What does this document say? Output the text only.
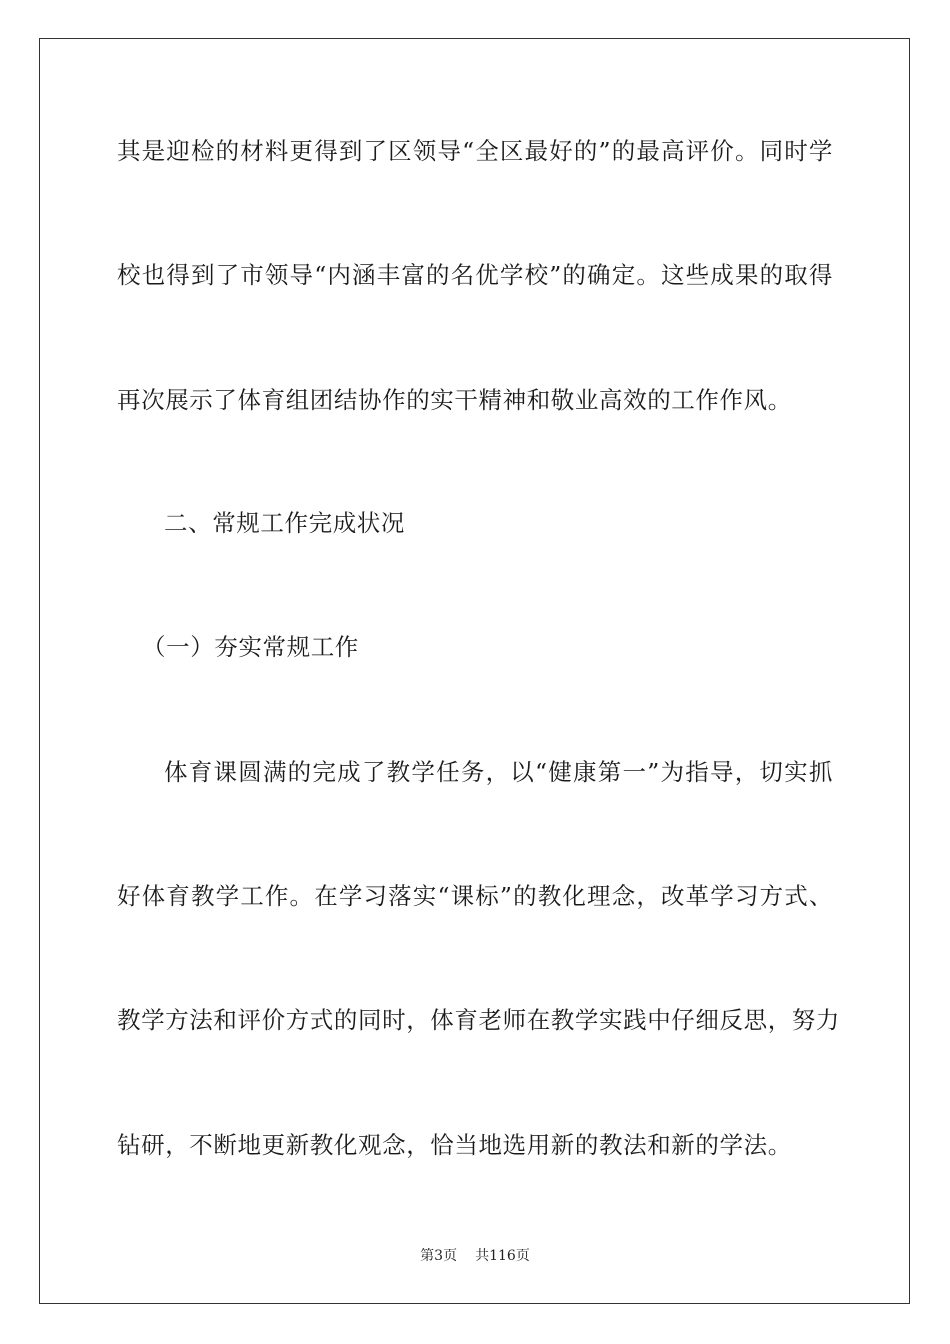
其是迎检的材料更得到了区领导“全区最好的”的最高评价。同时学
校也得到了市领导“内涵丰富的名优学校”的确定。这些成果的取得
再次展示了体育组团结协作的实干精神和敬业高效的工作作风。
二、常规工作完成状况
（一）夯实常规工作
体育课圆满的完成了教学任务，以“健康第一”为指导，切实抓
好体育教学工作。在学习落实“课标”的教化理念，改革学习方式、
教学方法和评价方式的同时，体育老师在教学实践中仔细反思，努力
钻研，不断地更新教化观念，恰当地选用新的教法和新的学法。
第3页 共116页
